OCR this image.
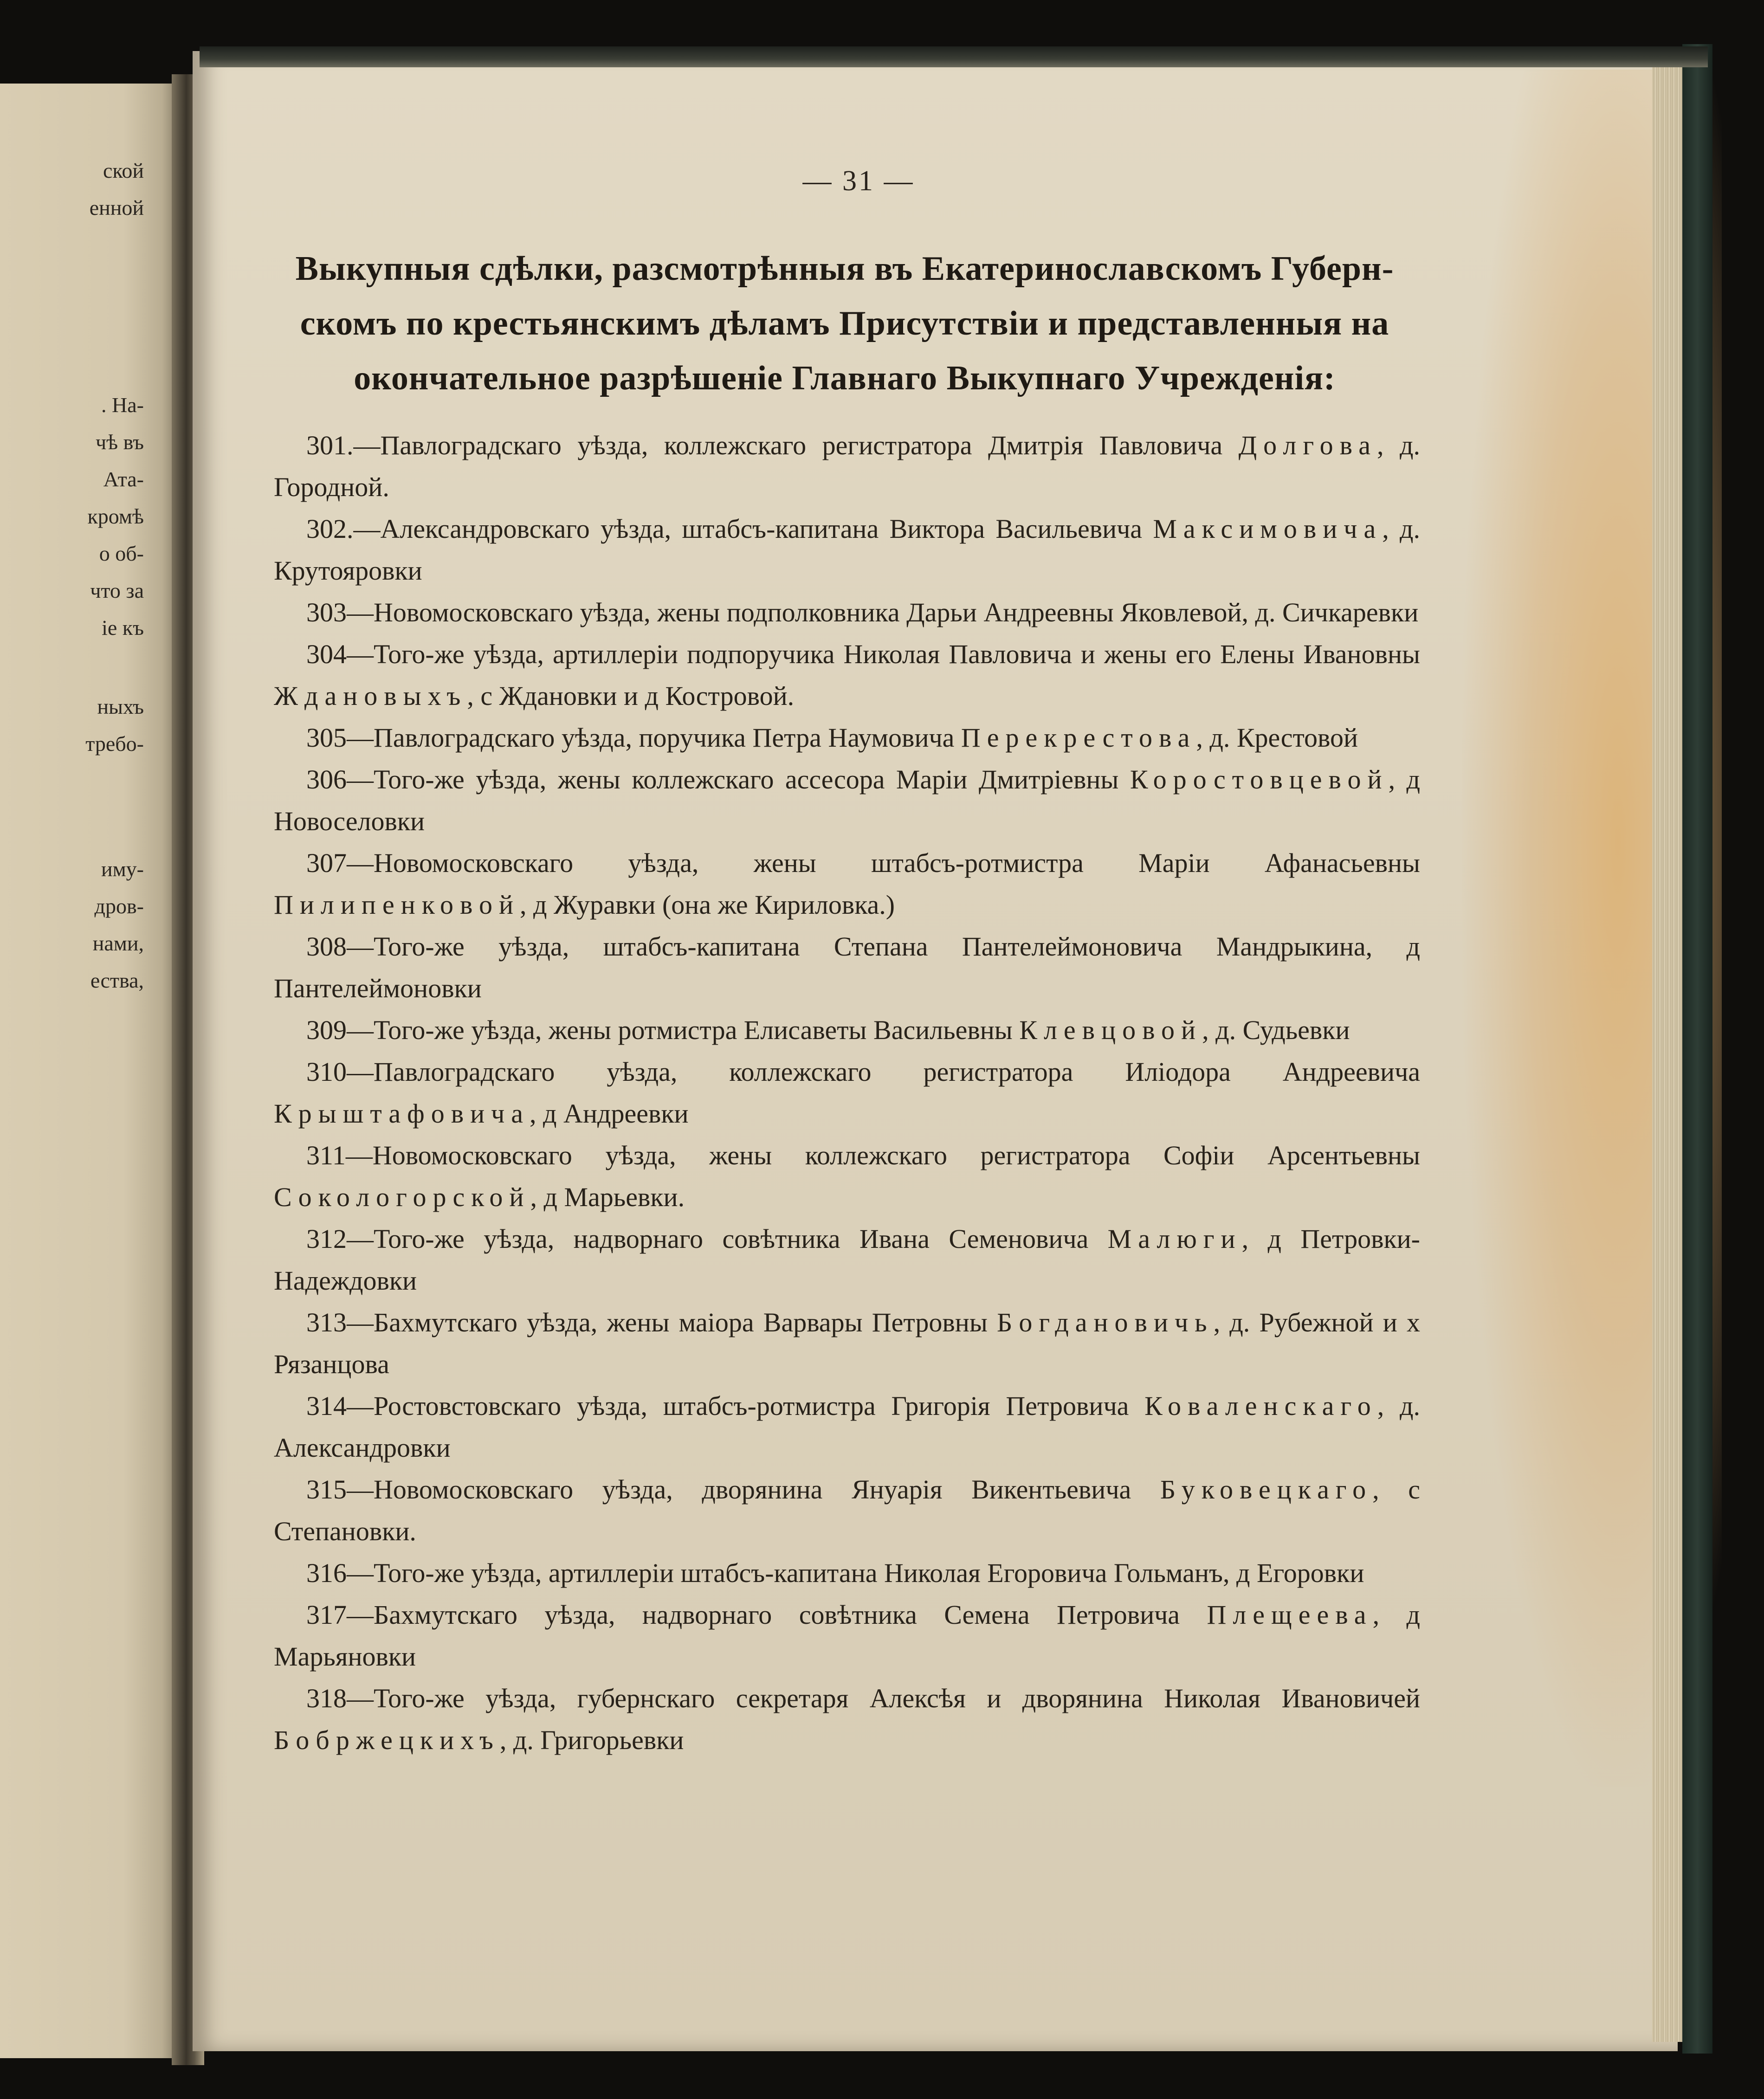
ской
енной
. На-
чѣ въ
Ата-
кромѣ
о об-
что за
іе къ
ныхъ
требо-
иму-
дров-
нами,
ества,
— 31 —
Выкупныя сдѣлки, разсмотрѣнныя въ Екатеринославскомъ Губерн-
скомъ по крестьянскимъ дѣламъ Присутствіи и представленныя на
окончательное разрѣшеніе Главнаго Выкупнаго Учрежденія:

301.—Павлоградскаго уѣзда, коллежскаго регистратора Дмитрія Павловича Долгова, д. Городной.

302.—Александровскаго уѣзда, штабсъ-капитана Виктора Васильевича Максимовича, д. Крутояровки

303—Новомосковскаго уѣзда, жены подполковника Дарьи Андреевны Яковлевой, д. Сичкаревки

304—Того-же уѣзда, артиллеріи подпоручика Николая Павловича и жены его Елены Ивановны Ждановыхъ, с Ждановки и д Костровой.

305—Павлоградскаго уѣзда, поручика Петра Наумовича Перекрестова, д. Крестовой

306—Того-же уѣзда, жены коллежскаго ассесора Маріи Дмитріевны Коростовцевой, д Новоселовки

307—Новомосковскаго уѣзда, жены штабсъ-ротмистра Маріи Афанасьевны Пилипенковой, д Журавки (она же Кириловка.)

308—Того-же уѣзда, штабсъ-капитана Степана Пантелеймоновича Мандрыкина, д Пантелеймоновки

309—Того-же уѣзда, жены ротмистра Елисаветы Васильевны Клевцовой, д. Судьевки

310—Павлоградскаго уѣзда, коллежскаго регистратора Иліодора Андреевича Крыштафовича, д Андреевки

311—Новомосковскаго уѣзда, жены коллежскаго регистратора Софіи Арсентьевны Сокологорской, д Марьевки.

312—Того-же уѣзда, надворнаго совѣтника Ивана Семеновича Малюги, д Петровки-Надеждовки

313—Бахмутскаго уѣзда, жены маіора Варвары Петровны Богдановичь, д. Рубежной и х Рязанцова

314—Ростовстовскаго уѣзда, штабсъ-ротмистра Григорія Петровича Коваленскаго, д. Александровки

315—Новомосковскаго уѣзда, дворянина Януарія Викентьевича Буковецкаго, с Степановки.

316—Того-же уѣзда, артиллеріи штабсъ-капитана Николая Егоровича Гольманъ, д Егоровки

317—Бахмутскаго уѣзда, надворнаго совѣтника Семена Петровича Плещеева, д Марьяновки

318—Того-же уѣзда, губернскаго секретаря Алексѣя и дворянина Николая Ивановичей Бобржецкихъ, д. Григорьевки
